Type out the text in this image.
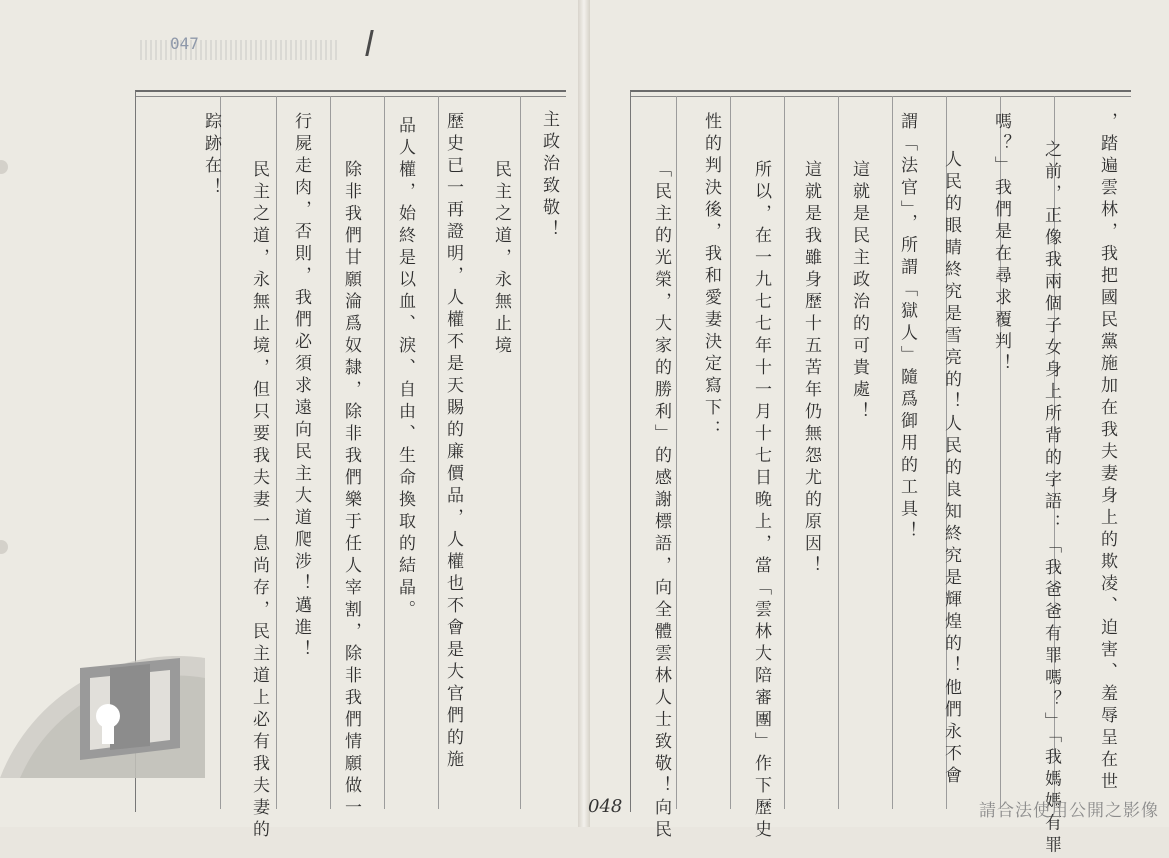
047
主政治致敬！
民主之道，永無止境
歷史已一再證明，人權不是天賜的廉價品，人權也不會是大官們的施
品人權，始終是以血、淚、自由、生命換取的結晶。
除非我們甘願淪爲奴隸，除非我們樂于任人宰割，除非我們情願做一
行屍走肉，否則，我們必須求遠向民主大道爬涉！邁進！
民主之道，永無止境，但只要我夫妻一息尚存，民主道上必有我夫妻的
踪跡在！	，踏遍雲林，我把國民黨施加在我夫妻身上的欺凌、迫害、羞辱呈在世
之前，正像我兩個子女身上所背的字語：「我爸爸有罪嗎？」「我媽媽有罪
嗎？」我們是在尋求覆判！
人民的眼睛終究是雪亮的！人民的良知終究是輝煌的！他們永不會
謂「法官」，所謂「獄人」隨爲御用的工具！
這就是民主政治的可貴處！
這就是我雖身歷十五苦年仍無怨尤的原因！
所以，在一九七七年十一月十七日晚上，當「雲林大陪審團」作下歷史
性的判決後，我和愛妻決定寫下：
「民主的光榮，大家的勝利」的感謝標語，向全體雲林人士致敬！向民
048	請合法使用公開之影像
